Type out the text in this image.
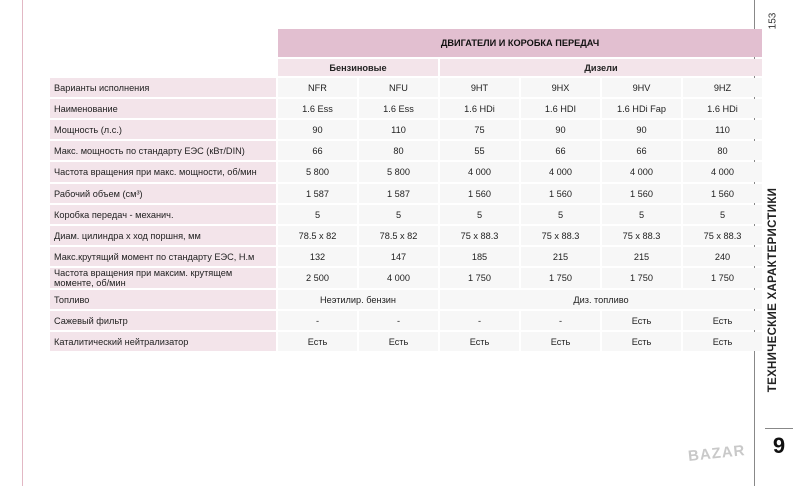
153
ТЕХНИЧЕСКИЕ ХАРАКТЕРИСТИКИ
9
BAZAR
	ДВИГАТЕЛИ И КОРОБКА ПЕРЕДАЧ					
	Бензиновые		Дизели			
Варианты исполнения	NFR	NFU	9HT	9HX	9HV	9HZ
Наименование	1.6 Ess	1.6 Ess	1.6 HDi	1.6 HDI	1.6 HDi Fap	1.6 HDi
Мощность (л.с.)	90	110	75	90	90	110
Макс. мощность по стандарту ЕЭС (кВт/DIN)	66	80	55	66	66	80
Частота вращения при макс. мощности, об/мин	5 800	5 800	4 000	4 000	4 000	4 000
Рабочий объем (см³)	1 587	1 587	1 560	1 560	1 560	1 560
Коробка передач - механич.	5	5	5	5	5	5
Диам. цилиндра х ход поршня, мм	78.5 x 82	78.5 x 82	75 x 88.3	75 x 88.3	75 x 88.3	75 x 88.3
Макс.крутящий момент по стандарту ЕЭС, Н.м	132	147	185	215	215	240
Частота вращения при максим. крутящем моменте, об/мин	2 500	4 000	1 750	1 750	1 750	1 750
Топливо	Неэтилир. бензин		Диз. топливо			
Сажевый фильтр	-	-	-	-	Есть	Есть
Каталитический нейтрализатор	Есть	Есть	Есть	Есть	Есть	Есть
